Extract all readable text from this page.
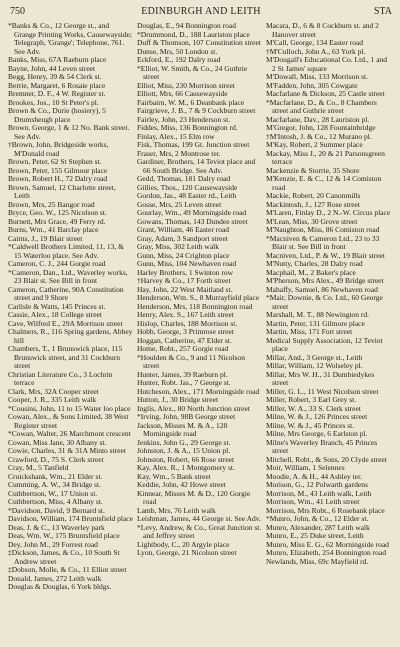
750	EDINBURGH AND LEITH	STA
*Banks & Co., 12 George st., and Grange Printing Works, Causewayside; Telegraph, 'Grange'; Telephone, 761. See Adv.
Banks, Miss, 67A Raeburn place
Bayne, John, 44 Leven street
Begg, Henry, 39 & 54 Clerk st.
Berrie, Margaret, 6 Rosaie place
Bremner, D. F., 4 W. Register st.
Brookes, Jos., 10 St Peter's pl.
Brown & Co., Durie (hosiery), 5 Drumsheugh place
Brown, George, 1 & 12 No. Bank street. See Adv.
†Brown, John, Bridgeside works, M'Donald road
Brown, Peter, 62 St Stephen st.
Brown, Peter, 155 Gilmour place
Brown, Robert H., 72 Dalry road
Brown, Samuel, 12 Charlotte street, Leith
Brown, Mrs, 25 Bangor road
Bryce, Geo. W., 125 Nicolson st.
Burnett, Mrs Grace, 49 Ferry rd.
Burns, Wm., 41 Barclay place
Cairns, J., 19 Blair street
*Caldwell Brothers Limited, 11, 13, & 15 Waterloo place. See Adv.
Cameron, C. J., 244 Gorgie road
*Cameron, Dan., Ltd., Waverley works, 23 Blair st. See Bill in front
Cameron, Catherine, 90A Constitution street and 9 Shore
Carlisle & Watts, 145 Princes st.
Cassie, Alex., 18 College street
Cave, Wilfred E., 29A Morrison street
Chalmers, R., 116 Spring gardens, Abbey hill
Chambers, T., 1 Brunswick place, 115 Brunswick street, and 31 Cockburn street
Christian Literature Co., 3 Lochrin terrace
Clark, Mrs, 32A Cooper street
Cooper, J. R., 335 Leith walk
*Cousins, John, 11 to 15 Water loo place
Cowan, Alex., & Sons Limited, 38 West Register street
*Cowan, Walter, 26 Marchmont crescent
Cowan, Miss Jane, 30 Albany st.
Cowie, Charles, 31 & 31A Minto street
Crawford, D., 75 S. Clerk street
Cray, M., 5 Tanfield
Cruickshank, Wm., 21 Elder st.
Cumming, A. W., 34 Bridge st.
Cuthbertson, W., 17 Union st.
Cuthbertson, Miss, 4 Albany st.
*Davidson, David, 9 Bernard st.
Davidson, William, 174 Bruntsfield place
Deas, J. & C., 13 Waverley park
Deas, Wm. W., 175 Bruntsfield place
Dey, John M., 29 Forrest road
‡Dickson, James, & Co., 10 South St Andrew street
‡Dobson, Molle, & Co., 11 Elliot street
Donald, James, 272 Leith walk
Douglas & Douglas, 6 York bldgs.
Douglas, E., 94 Bonnington road
*Drummond, D., 188 Lauriston place
Duff & Thomson, 107 Constitution street
Dunse, Mrs, 50 London st.
Eckford, E., 192 Dalry road
*Elliot, W. Smith, & Co., 24 Guthrie street
Elliot, Miss, 230 Morrison street
Elliott, Mrs, 66 Causewayside
Fairbairn, W. M., 6 Deanbank place
Fairgrieve, J. B., 7 & 9 Cockburn street
Fairley, John, 23 Henderson st.
Fiddes, Miss, 136 Bonnington rd.
Finlay, Alex., 15 Elm row
Fisk, Thomas, 199 Gt. Junction street
Fraser, Mrs, 2 Montrose ter.
Gardiner, Brothers, 14 Teviot place and 66 South Bridge. See Adv.
Gedd, Thomas, 181 Dalry road
Gillies, Thos., 120 Causewayside
Gordon, Jas., 48 Easter rd., Leith
Gosse, Mrs, 25 Leven street
Gourlay, Wm., 49 Morningside road
Gowans, Thomas, 143 Dundee street
Grant, William, 46 Easter road
Gray, Adam, 3 Sandport street
Gray, Miss, 302 Leith walk
Gunn, Miss, 24 Crighton place
Gunn, Miss, 104 Newhaven road
Harley Brothers, 1 Swinton row
†Harvey & Co., 17 Forth street
Hay, John, 22 West Maitland st.
Henderson, Wm. S., 8 Murrayfield place
Henderson, Mrs, 118 Bonnington road
Henry, Alex. S., 167 Leith street
Hislop, Charles, 188 Morrison st.
Hobb, George, 3 Primrose street
Hoggan, Catherine, 47 Elder st.
Home, Robt., 257 Gorgie road
*Houlden & Co., 9 and 11 Nicolson street
Hunter, James, 39 Raeburn pl.
Hunter, Robt. Jas., 7 George st.
Hutcheson, Alex., 171 Morningside road
Hutton, J., 30 Bridge street
Inglis, Alex., 80 North Junction street
*Irving, John, 98B George street
Jackson, Misses M. & A., 128 Morningside road
Jenkins, John G., 29 George st.
Johnston, J. & A., 15 Union pl.
Johnston, Robert, 66 Rose street
Kay, Alex. R., 1 Montgomery st.
Kay, Wm., 5 Bank street
Keddie, John, 42 Howe street
Kinnear, Misses M. & D., 120 Gorgie road
Lamb, Mrs, 76 Leith walk
Leishman, James, 44 George st. See Adv.
*Levy, Andrew, & Co., Great Junction st. and Jeffrey street
Lightbody, C., 20 Argyle place
Lyon, George, 21 Nicolson street
Macara, D., 6 & 8 Cockburn st. and 2 Hanover street
M'Call, George, 134 Easter road
†M'Culloch, John A., 63 York pl.
M'Dougall's Educational Co. Ltd., 1 and 2 St James' square
M'Dowall, Miss, 133 Morrison st.
M'Fadden, John, 305 Cowgate
Macfarlane & Dickson, 25 Castle street
*Macfarlane, D., & Co., 8 Chambers street and Guthrie street
Macfarlane, Dav., 28 Lauriston pl.
M'Gregor, John, 128 Fountainbridge
†M'Intosh, J. & Co., 12 Murano pl.
M'Kay, Robert, 2 Summer place
Mackay, Miss J., 20 & 21 Parsonsgreen terrace
Mackenzie & Storrie, 35 Shore
M'Kenzie, E. & C., 12 & 14 Comiston road
Mackie, Robert, 20 Canonmills
Mackintosh, J., 127 Rose street
M'Laren, Finlay D., 2 N.-W. Circus place
M'Lean, Miss, 30 Grove street
M'Naughton, Miss, 86 Comiston road
*Macniven & Cameron Ltd., 23 to 33 Blair st. See Bill in front
Macniven, Ltd., P. & W., 19 Blair street
M'Nutty, Charles, 28 Dalry road
Macphail, M., 2 Baker's place
M'Pherson, Mrs Alex., 49 Bridge street
Mahaffy, Samuel, 86 Newhaven road
*Mair, Downie, & Co. Ltd., 60 George street
Marshall, M. T., 88 Newington rd.
Martin, Peter, 131 Gilmore place
Martin, Miss, 171 Fort street
Medical Supply Association, 12 Teviot place
Millar, And., 3 George st., Leith
Millar, William, 12 Wolseley pl.
Millar, Mrs W. H., 31 Dumbiedykes street
Miller, G. L., 11 West Nicolson street
Miller, Robert, 3 Earl Grey st.
Miller, W. A., 33 S. Clerk street
Milne, W. & J., 126 Princes street
Milne, W. & J., 45 Princes st.
Milne, Mrs George, 6 Earlston pl.
Milne's Waverley Branch, 45 Princes street
Mitchell, Robt., & Sons, 20 Clyde street
Moir, William, 1 Selennes
Moodie, A. & H., 44 Ashley ter.
Morison, G., 12 Polwarth gardens
Morrison, M., 43 Leith walk, Leith
Morrison, Wm., 41 Leith street
Morrison, Mrs Robt., 6 Rosebank place
*Munro, John, & Co., 12 Elder st.
Munro, Alexander, 287 Leith walk
Munro, E., 25 Duke street, Leith
Munro, Miss E. G., 62 Morningside road
Munro, Elizabeth, 254 Bonnington road
Newlands, Miss, 69c Mayfield rd.
